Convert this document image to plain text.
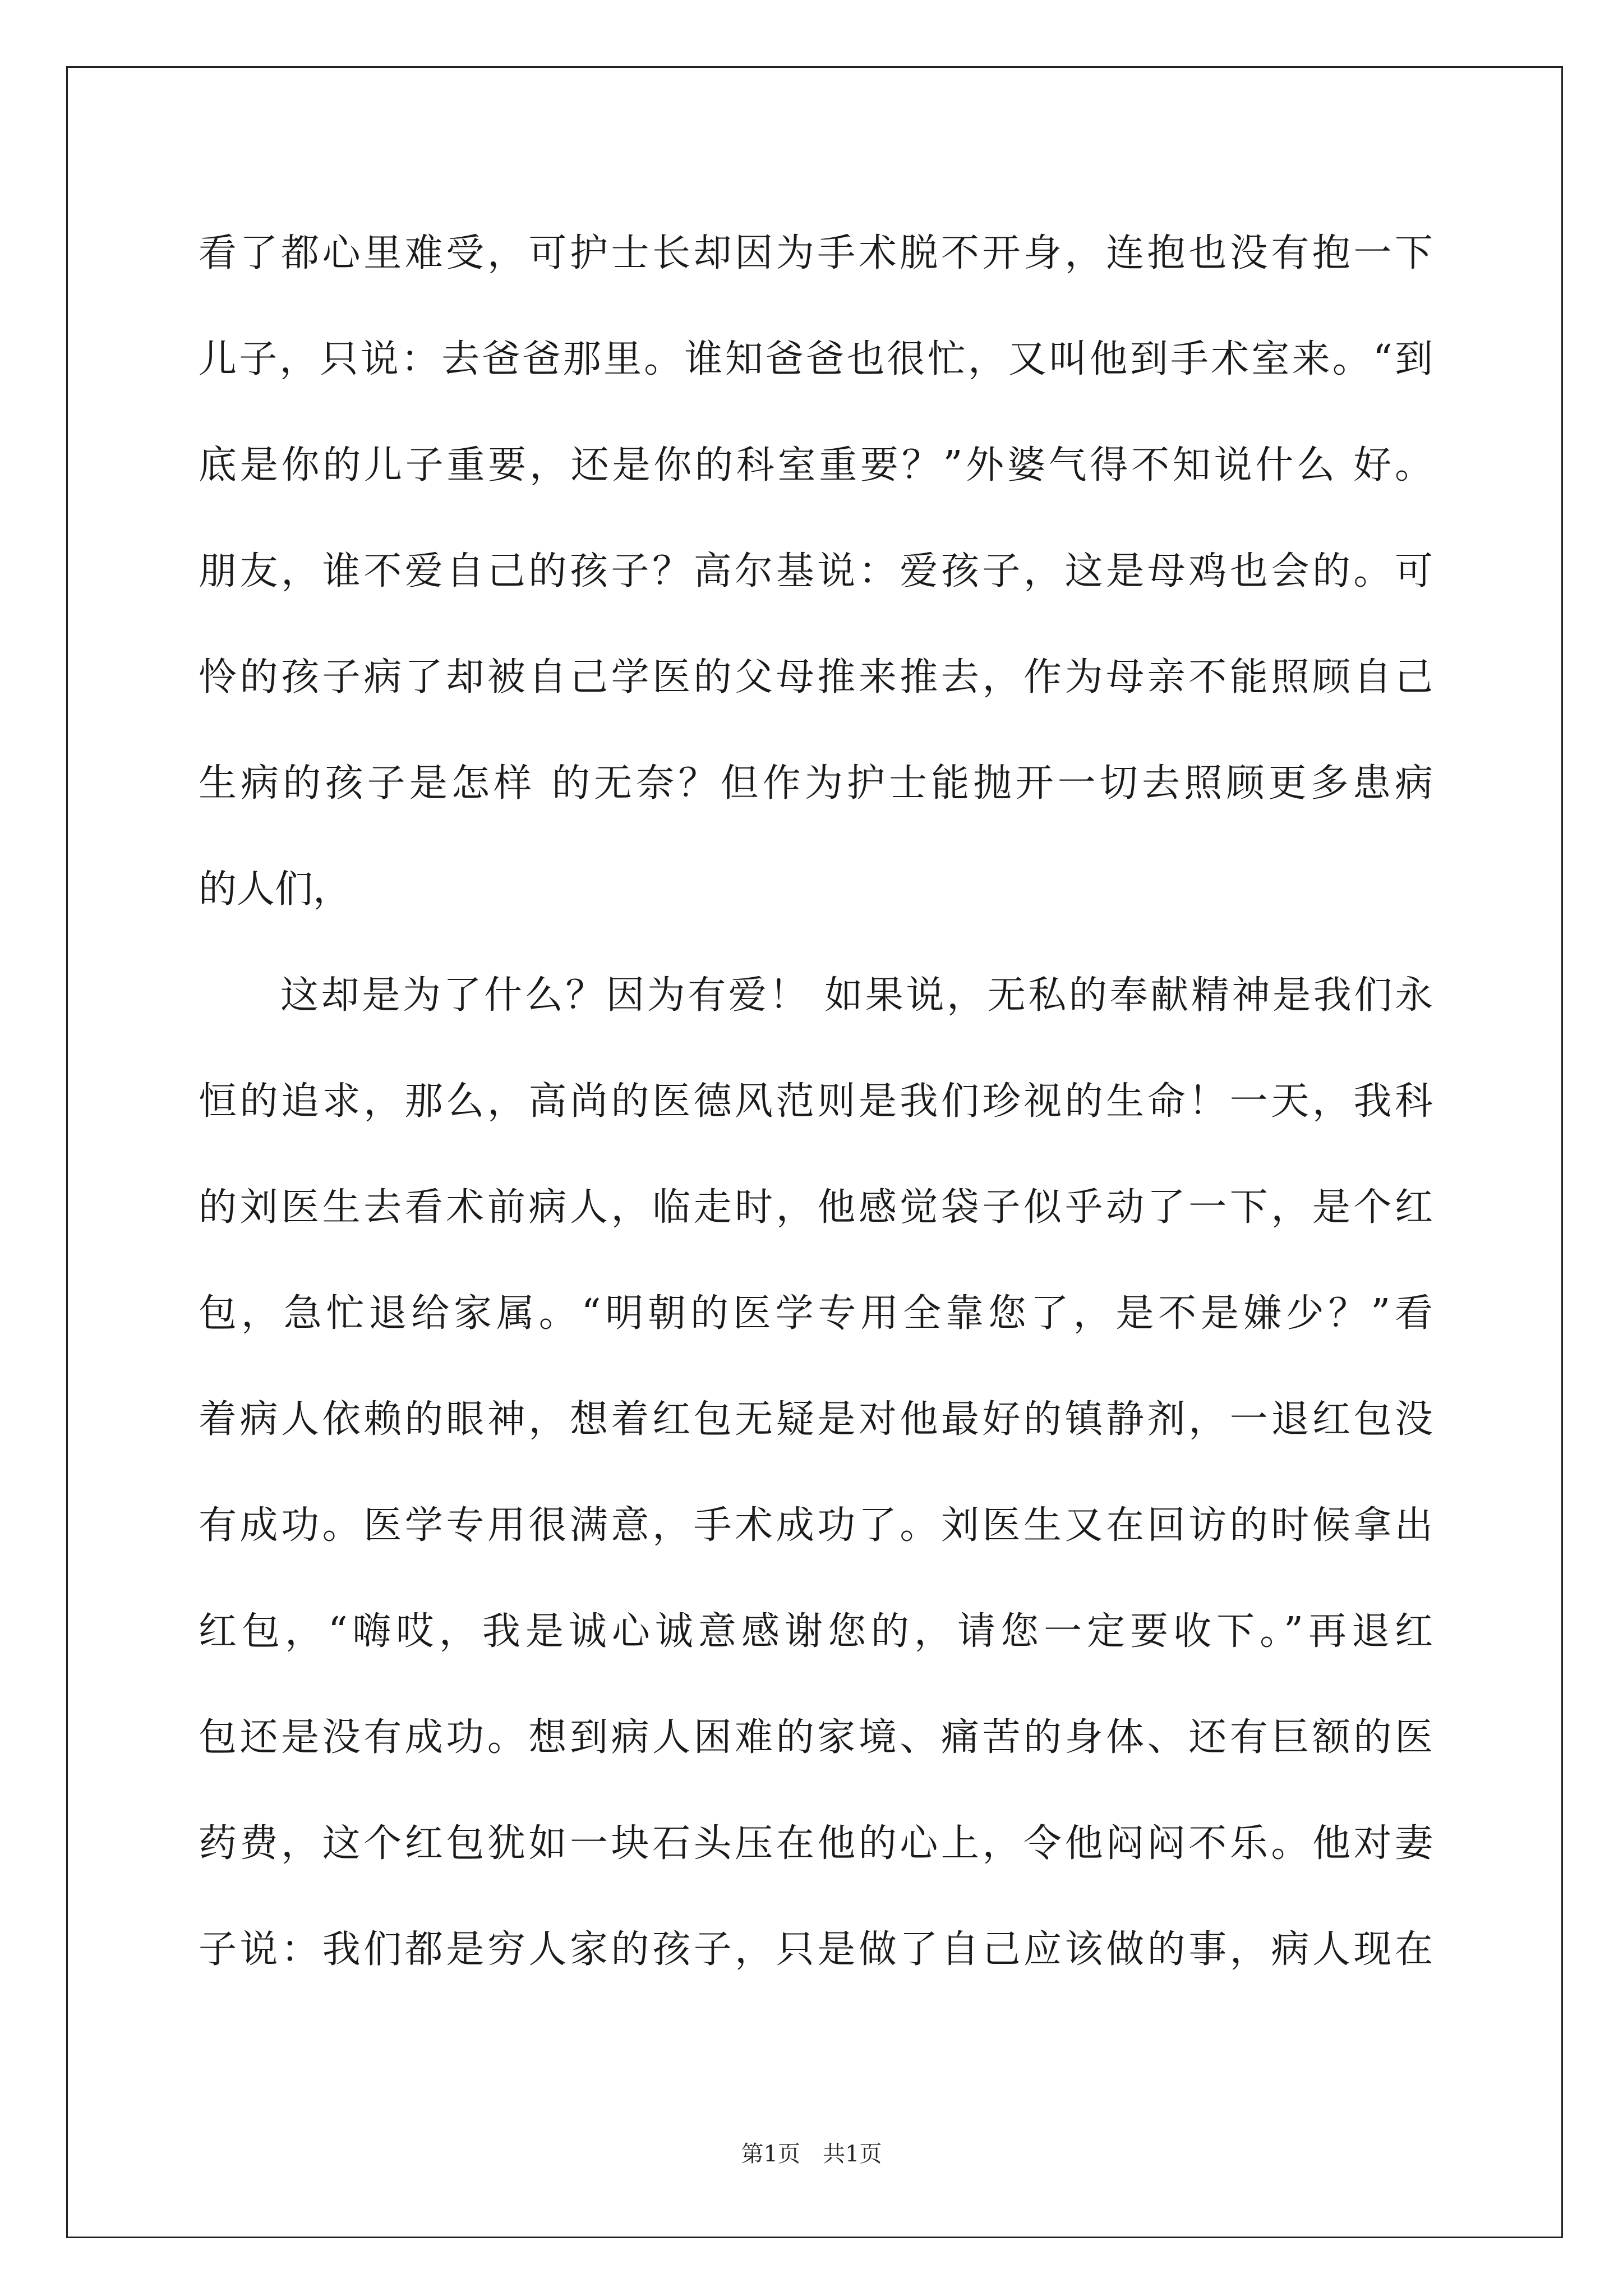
看了都心里难受，可护士长却因为手术脱不开身，连抱也没有抱一下
儿子，只说：去爸爸那里。谁知爸爸也很忙，又叫他到手术室来。“到
底是你的儿子重要，还是你的科室重要？”外婆气得不知说什么 好。
朋友，谁不爱自己的孩子？高尔基说：爱孩子，这是母鸡也会的。可
怜的孩子病了却被自己学医的父母推来推去，作为母亲不能照顾自己
生病的孩子是怎样 的无奈？但作为护士能抛开一切去照顾更多患病
的人们，
这却是为了什么？因为有爱！ 如果说，无私的奉献精神是我们永
恒的追求，那么，高尚的医德风范则是我们珍视的生命！一天，我科
的刘医生去看术前病人，临走时，他感觉袋子似乎动了一下，是个红
包，急忙退给家属。“明朝的医学专用全靠您了，是不是嫌少？”看
着病人依赖的眼神，想着红包无疑是对他最好的镇静剂，一退红包没
有成功。医学专用很满意，手术成功了。刘医生又在回访的时候拿出
红包，“嗨哎，我是诚心诚意感谢您的，请您一定要收下。”再退红
包还是没有成功。想到病人困难的家境、痛苦的身体、还有巨额的医
药费，这个红包犹如一块石头压在他的心上，令他闷闷不乐。他对妻
子说：我们都是穷人家的孩子，只是做了自己应该做的事，病人现在
第1页　共1页
